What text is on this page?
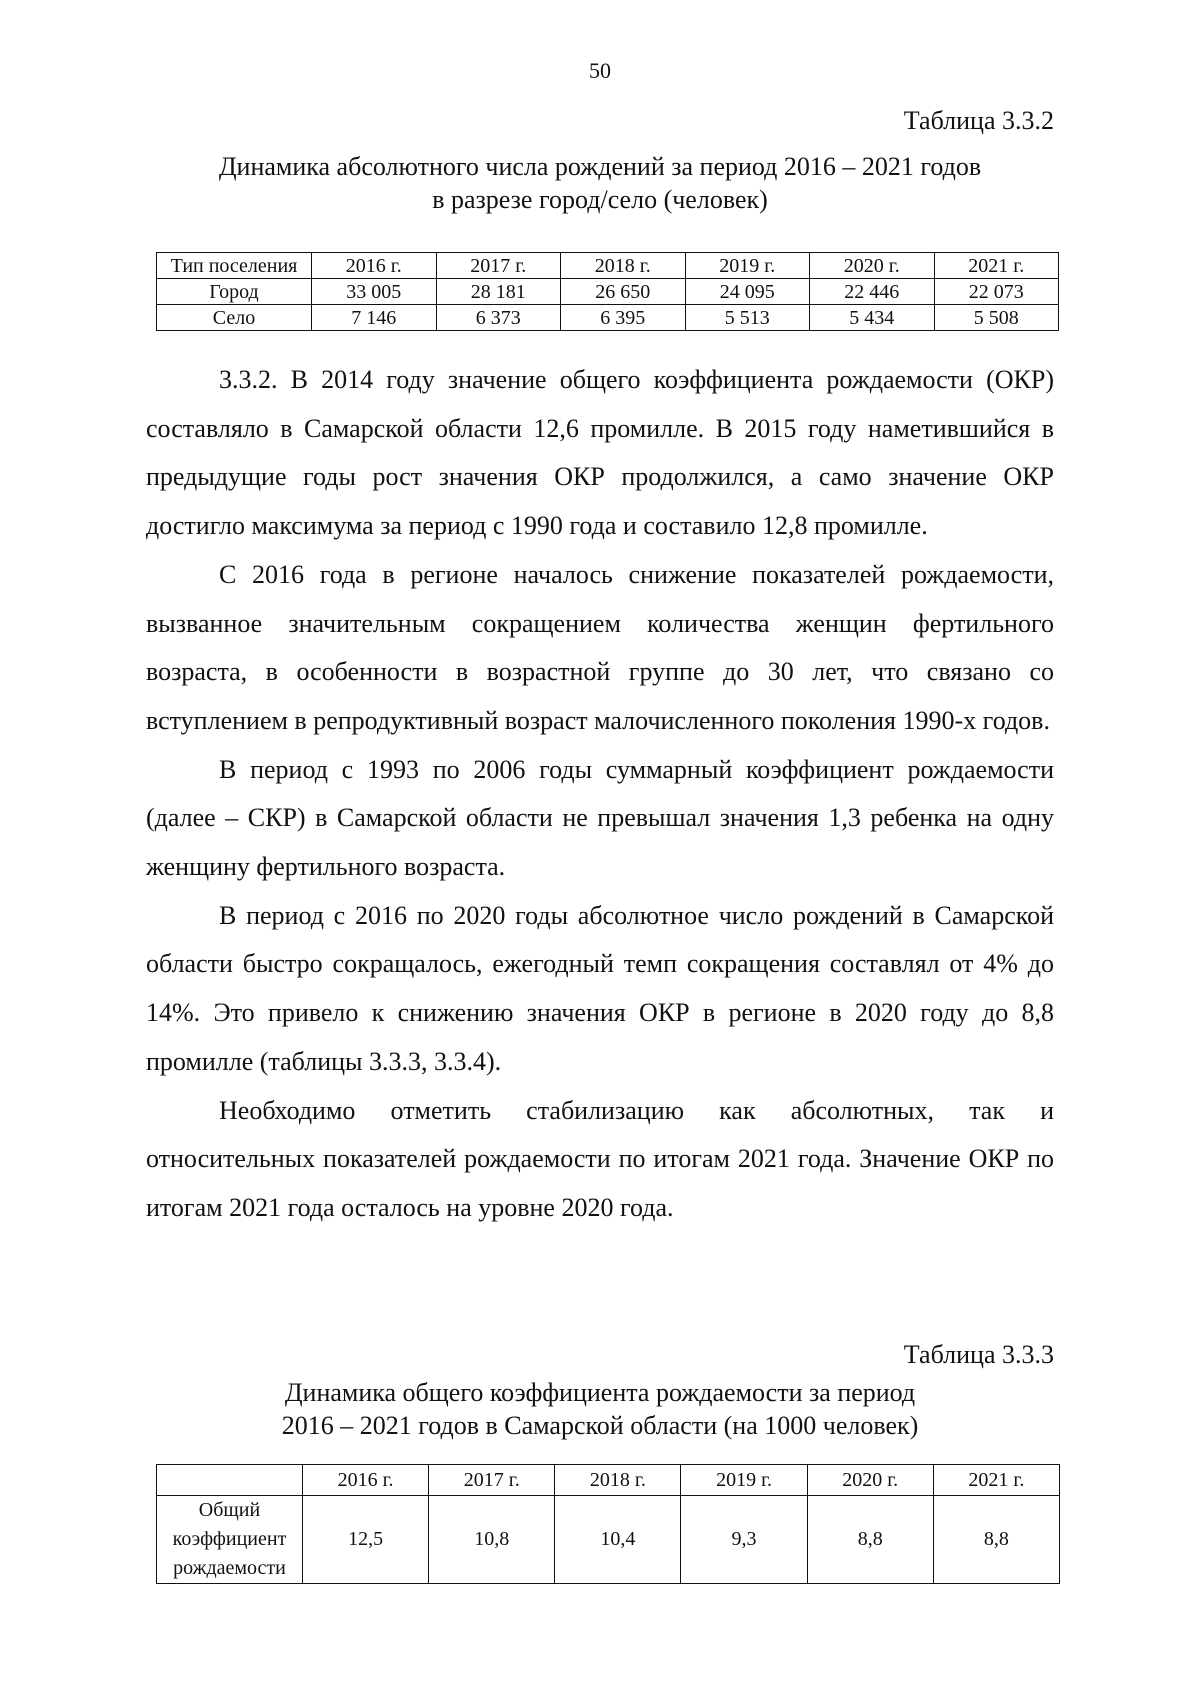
50
Таблица 3.3.2
Динамика абсолютного числа рождений за период 2016 – 2021 годов
в разрезе город/село (человек)
Тип поселения	2016 г.	2017 г.	2018 г.	2019 г.	2020 г.	2021 г.
Город	33 005	28 181	26 650	24 095	22 446	22 073
Село	7 146	6 373	6 395	5 513	5 434	5 508

3.3.2. В 2014 году значение общего коэффициента рождаемости (ОКР) составляло в Самарской области 12,6 промилле. В 2015 году наметившийся в предыдущие годы рост значения ОКР продолжился, а само значение ОКР достигло максимума за период с 1990 года и составило 12,8 промилле.

С 2016 года в регионе началось снижение показателей рождаемости, вызванное значительным сокращением количества женщин фертильного возраста, в особенности в возрастной группе до 30 лет, что связано со вступлением в репродуктивный возраст малочисленного поколения 1990-х годов.

В период с 1993 по 2006 годы суммарный коэффициент рождаемости (далее – СКР) в Самарской области не превышал значения 1,3 ребенка на одну женщину фертильного возраста.

В период с 2016 по 2020 годы абсолютное число рождений в Самарской области быстро сокращалось, ежегодный темп сокращения составлял от 4% до 14%. Это привело к снижению значения ОКР в регионе в 2020 году до 8,8 промилле (таблицы 3.3.3, 3.3.4).

Необходимо отметить стабилизацию как абсолютных, так и относительных показателей рождаемости по итогам 2021 года. Значение ОКР по итогам 2021 года осталось на уровне 2020 года.

Таблица 3.3.3
Динамика общего коэффициента рождаемости за период
2016 – 2021 годов в Самарской области (на 1000 человек)
	2016 г.	2017 г.	2018 г.	2019 г.	2020 г.	2021 г.

Общий
коэффициент
рождаемости	12,5	10,8	10,4	9,3	8,8	8,8
